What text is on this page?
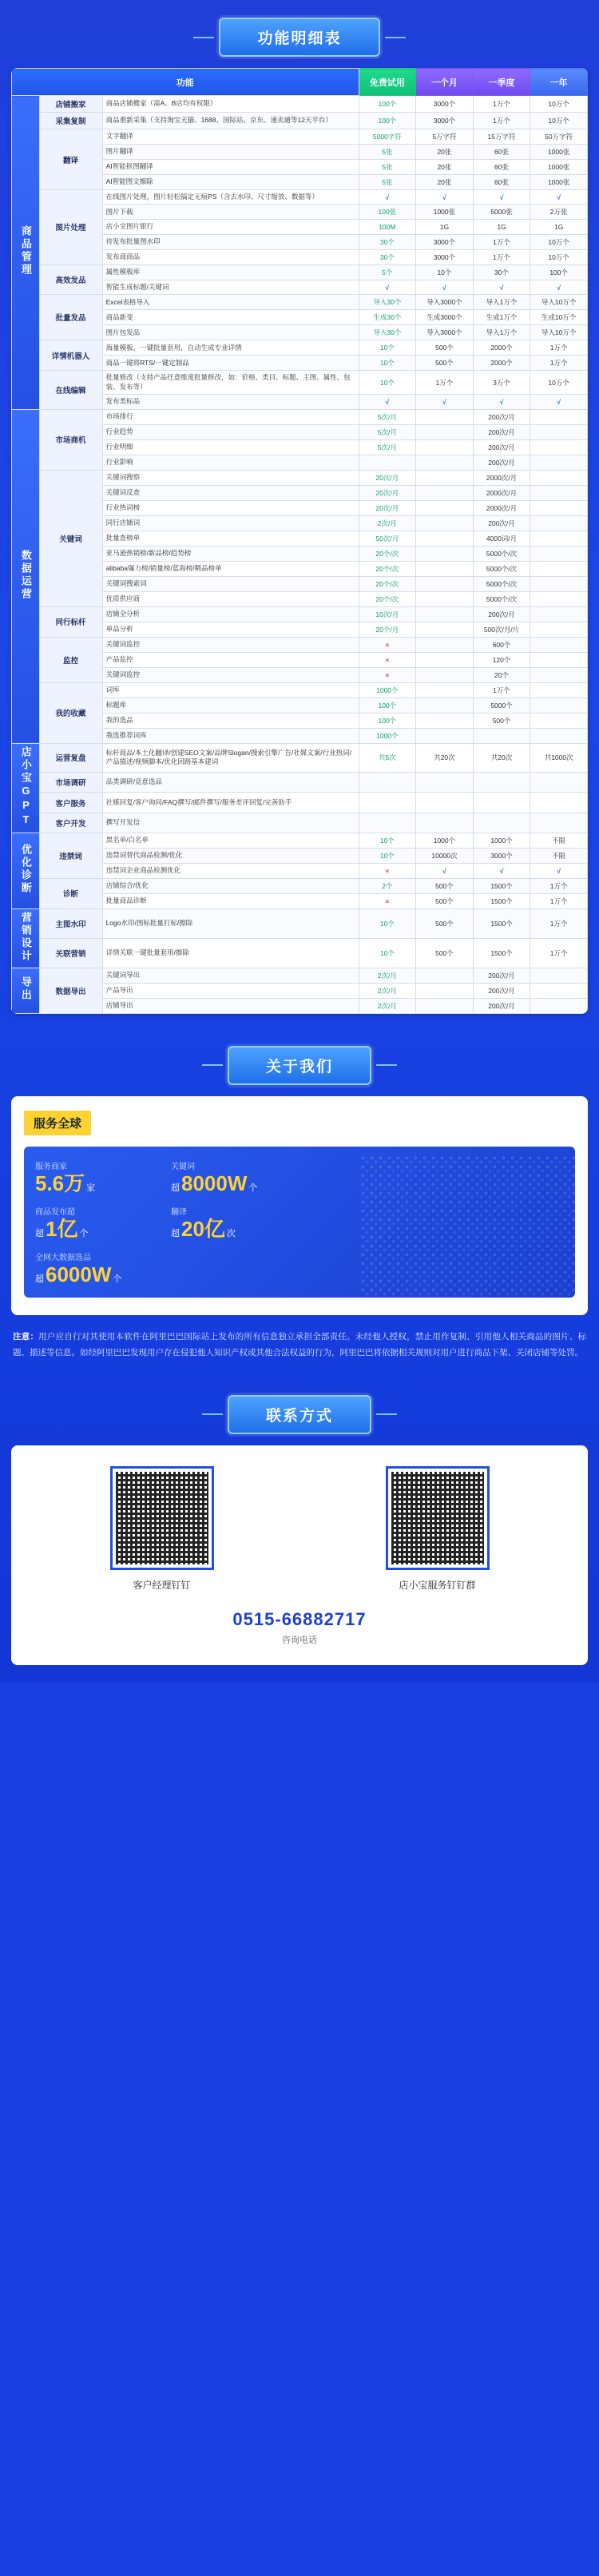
功能明细表
功能			免费试用	一个月	一季度	一年
商品管理	店铺搬家	商品店铺搬家（需A、B店均有权限）	100个	3000个	1万个	10万个
	采集复制	商品重新采集（支持淘宝天猫、1688、国际站、京东、速卖通等12天平台）	100个	3000个	1万个	10万个
	翻译	文字翻译	5000字符	5万字符	15万字符	50万字符
		图片翻译	5张	20张	60张	1000张
		AI智能抠图翻译	5张	20张	60张	1000张
		AI智能图文擦除	5张	20张	60张	1000张
	图片处理	在线图片处理，图片轻松搞定无痕PS（含去水印、尺寸缩放、数据等）	√	√	√	√
		图片下载	100张	1000张	5000张	2万张
		店小宝图片银行	100M	1G	1G	1G
		待发布批量图水印	30个	3000个	1万个	10万个
		发布商商品	30个	3000个	1万个	10万个
	高效发品	属性模板库	5个	10个	30个	100个
		智能生成标题/关键词	√	√	√	√
	批量发品	Excel表格导入	导入30个	导入3000个	导入1万个	导入10万个
		商品新变	生成30个	生成3000个	生成1万个	生成10万个
		图片包发品	导入30个	导入3000个	导入1万个	导入10万个
	详情机器人	海量模板，一键批量套用，自动生成专业详情	10个	500个	2000个	1万个
		商品一键将RTS/一键定制品	10个	500个	2000个	1万个
	在线编辑	批量修改（支持产品任意维度批量修改，如：价格、类目、标题、主图、属性、包装、发布等）	10个	1万个	3万个	10万个
		发布类标品	√	√	√	√
数据运营	市场商机	市场排行	5次/月		200次/月	
		行业趋势	5次/月		200次/月	
		行业明细	5次/月		200次/月	
		行业影响			200次/月	
	关键词	关键词搜察	20次/月		2000次/月	
		关键词反查	20次/月		2000次/月	
		行业热词榜	20次/月		2000次/月	
		同行店铺词	2次/月		200次/月	
		批量查榜单	50次/月		4000词/月	
		亚马逊热销榜/新品榜/趋势榜	20个/次		5000个/次	
		alibaba爆力榜/销量榜/蓝海榜/精品榜单	20个/次		5000个/次	
		关键词搜索词	20个/次		5000个/次	
		优质供应商	20个/次		5000个/次	
	同行标杆	店铺全分析	10次/月		200次/月	
		单品分析	20个/月		500次/月/片	
	监控	关键词监控	×		600个	
		产品监控	×		120个	
		关键词监控	×		20个	
	我的收藏	词库	1000个		1万个	
		标题库	100个		5000个	
		我的选品	100个		500个	
		我选推荐词库	1000个			
店小宝GPT	运营复盘	标杆商品/本土化翻译/创建SEO文案/品牌Slogan/搜索引擎广告/社媒文案/行业热词/产品描述/视频脚本/优化回路基本建词	共5次	共20次	共20次	共1000次
	市场调研	品类调研/竞意选品				
	客户服务	社媒回复/客户询问/FAQ撰写/邮件撰写/服务差评回复/完善助手				
	客户开发	撰写开发信				
优化诊断	违禁词	黑名单/白名单	10个	1000个	1000个	不限
		违禁词替代商品检测/优化	10个	10000次	3000个	不限
		违禁词企业商品检测优化	×	√	√	√
	诊断	店铺综合/优化	2个	500个	1500个	1万个
		批量商品诊断	×	500个	1500个	1万个
营销设计	主图水印	Logo水印/图标批量打标/擦除	10个	500个	1500个	1万个
	关联营销	详情关联一键批量套用/擦除	10个	500个	1500个	1万个
导出	数据导出	关键词导出	2次/月		200次/月	
		产品导出	2次/月		200次/月	
		店铺导出	2次/月		200次/月	
关于我们
服务全球
服务商家
5.6万 家
关键词
超8000W 个
商品发布超
超1亿 个
翻译
超20亿 次
全网大数据选品
超6000W 个
注意：用户应自行对其使用本软件在阿里巴巴国际站上发布的所有信息独立承担全部责任。未经他人授权，禁止用作复制、引用他人相关商品的图片、标题、描述等信息。如经阿里巴巴发现用户存在侵犯他人知识产权或其他合法权益的行为，阿里巴巴将依据相关规则对用户进行商品下架、关闭店铺等处罚。
联系方式
客户经理钉钉	店小宝服务钉钉群
0515-66882717
咨询电话
